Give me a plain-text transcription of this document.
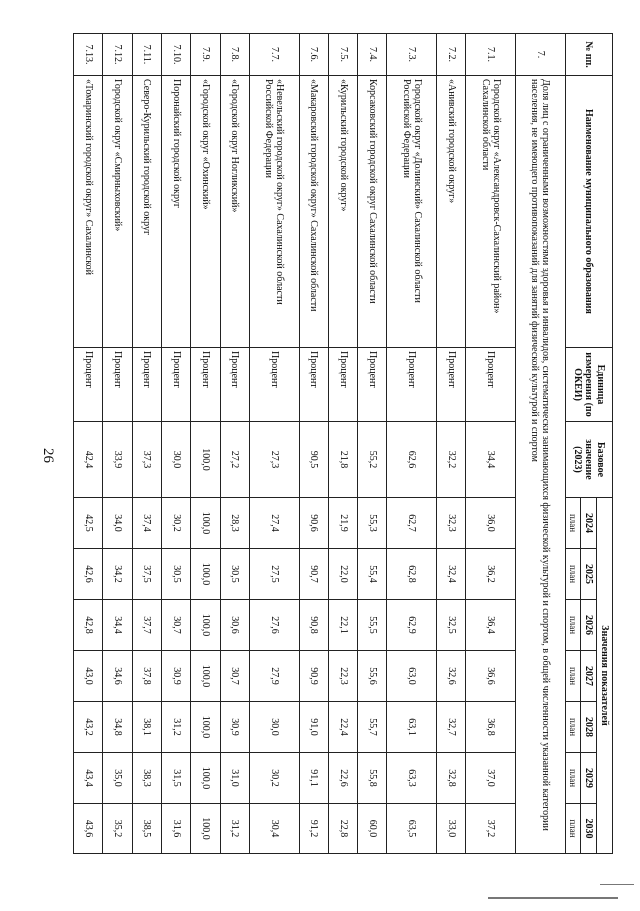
26
№ пп.	Наименование муниципального образования	Единица измерения (по ОКЕИ)	Базовое значение (2023)	Значения показателей						
				2024	2025	2026	2027	2028	2029	2030
				план	план	план	план	план	план	план
7.	Доля лиц с ограниченными возможностями здоровья и инвалидов, систематически занимающихся физической культурой и спортом, в общей численности указанной категории населения, не имеющего противопоказаний для занятий физической культурой и спортом									
7.1.	Городской округ «Александровск-Сахалинский район» Сахалинской области	Процент	34,4	36,0	36,2	36,4	36,6	36,8	37,0	37,2
7.2.	«Анивский городской округ»	Процент	32,2	32,3	32,4	32,5	32,6	32,7	32,8	33,0
7.3.	Городской округ «Долинский» Сахалинской области Российской Федерации	Процент	62,6	62,7	62,8	62,9	63,0	63,1	63,3	63,5
7.4.	Корсаковский городской округ Сахалинской области	Процент	55,2	55,3	55,4	55,5	55,6	55,7	55,8	60,0
7.5.	«Курильский городской округ»	Процент	21,8	21,9	22,0	22,1	22,3	22,4	22,6	22,8
7.6.	«Макаровский городской округ» Сахалинской области	Процент	90,5	90,6	90,7	90,8	90,9	91,0	91,1	91,2
7.7.	«Невельский городской округ» Сахалинской области Российской Федерации	Процент	27,3	27,4	27,5	27,6	27,9	30,0	30,2	30,4
7.8.	«Городской округ Ногликский»	Процент	27,2	28,3	30,5	30,6	30,7	30,9	31,0	31,2
7.9.	«Городской округ «Охинский»	Процент	100,0	100,0	100,0	100,0	100,0	100,0	100,0	100,0
7.10.	Поронайский городской округ	Процент	30,0	30,2	30,5	30,7	30,9	31,2	31,5	31,6
7.11.	Северо-Курильский городской округ	Процент	37,3	37,4	37,5	37,7	37,8	38,1	38,3	38,5
7.12.	Городской округ «Смирныховский»	Процент	33,9	34,0	34,2	34,4	34,6	34,8	35,0	35,2
7.13.	«Томаринский городской округ» Сахалинской	Процент	42,4	42,5	42,6	42,8	43,0	43,2	43,4	43,6
